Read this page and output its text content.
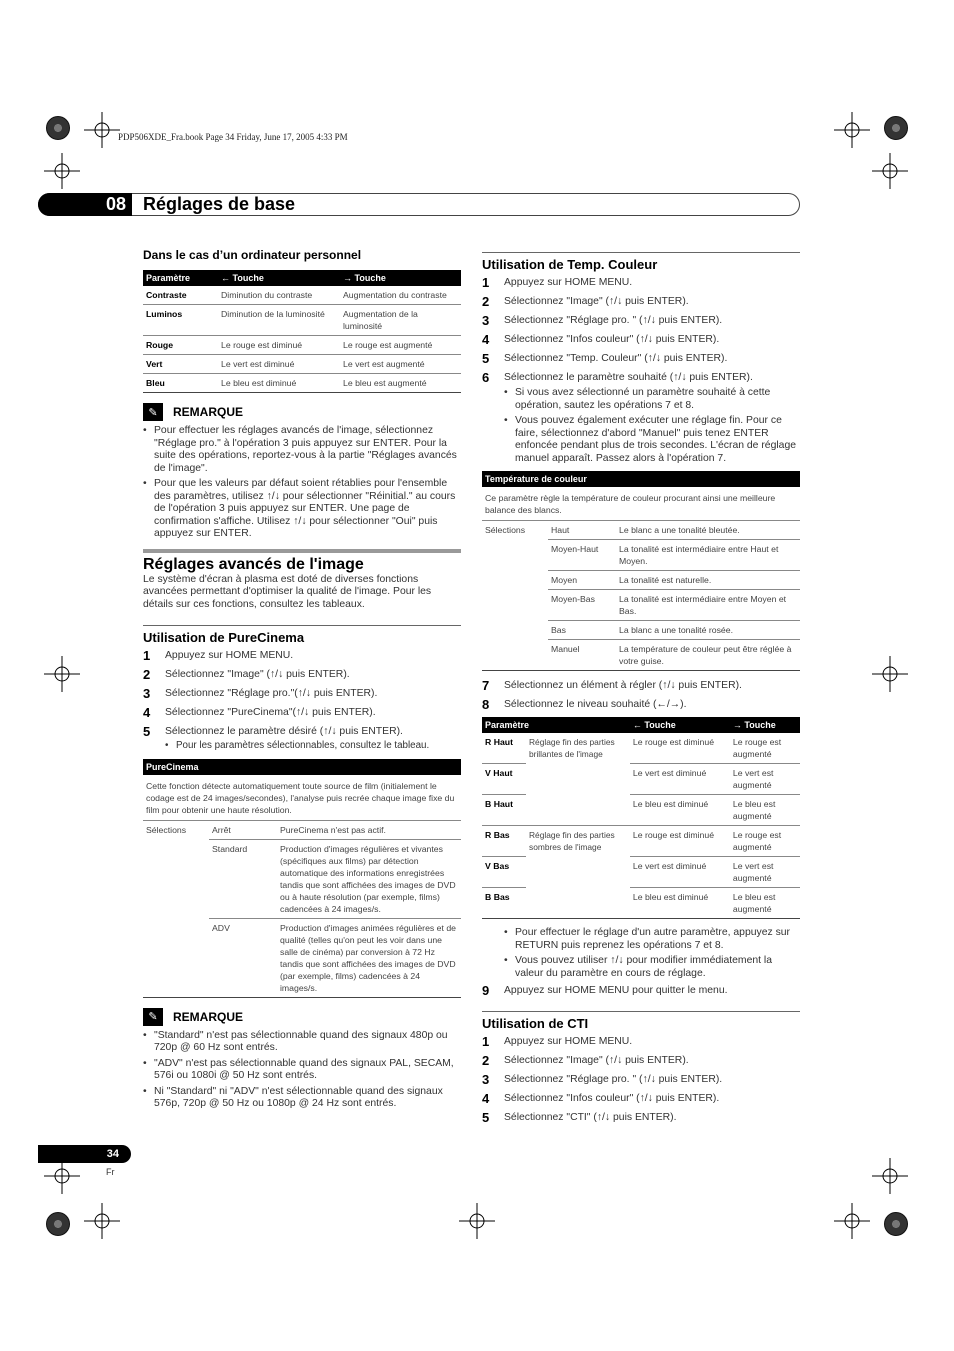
PDP506XDE_Fra.book Page 34 Friday, June 17, 2005 4:33 PM
08 Réglages de base
Dans le cas d’un ordinateur personnel
Paramètre	← Touche	→ Touche
Contraste	Diminution du contraste	Augmentation du contraste
Luminos	Diminution de la luminosité	Augmentation de la luminosité
Rouge	Le rouge est diminué	Le rouge est augmenté
Vert	Le vert est diminué	Le vert est augmenté
Bleu	Le bleu est diminué	Le bleu est augmenté
✎	REMARQUE
• Pour effectuer les réglages avancés de l'image, sélectionnez "Réglage pro." à l'opération 3 puis appuyez sur ENTER. Pour la suite des opérations, reportez-vous à la partie "Réglages avancés de l'image".
• Pour que les valeurs par défaut soient rétablies pour l'ensemble des paramètres, utilisez ↑/↓ pour sélectionner "Réinitial." au cours de l'opération 3 puis appuyez sur ENTER. Une page de confirmation s'affiche. Utilisez ↑/↓ pour sélectionner "Oui" puis appuyez sur ENTER.
Réglages avancés de l'image
Le système d'écran à plasma est doté de diverses fonctions avancées permettant d'optimiser la qualité de l'image. Pour les détails sur ces fonctions, consultez les tableaux.
Utilisation de PureCinema
1	Appuyez sur HOME MENU.
2	Sélectionnez "Image" (↑/↓ puis ENTER).
3	Sélectionnez "Réglage pro."(↑/↓ puis ENTER).
4	Sélectionnez "PureCinema"(↑/↓ puis ENTER).
5	Sélectionnez le paramètre désiré (↑/↓ puis ENTER).
• Pour les paramètres sélectionnables, consultez le tableau.
PureCinema
Cette fonction détecte automatiquement toute source de film (initialement le codage est de 24 images/secondes), l'analyse puis recrée chaque image fixe du film pour obtenir une haute résolution.
Sélections	Arrêt	PureCinema n'est pas actif.
	Standard	Production d'images régulières et vivantes (spécifiques aux films) par détection automatique des informations enregistrées tandis que sont affichées des images de DVD ou à haute résolution (par exemple, films) cadencées à 24 images/s.
	ADV	Production d'images animées régulières et de qualité (telles qu'on peut les voir dans une salle de cinéma) par conversion à 72 Hz tandis que sont affichées des images de DVD (par exemple, films) cadencées à 24 images/s.
✎	REMARQUE
• "Standard" n'est pas sélectionnable quand des signaux 480p ou 720p @ 60 Hz sont entrés.
• "ADV" n'est pas sélectionnable quand des signaux PAL, SECAM, 576i ou 1080i @ 50 Hz sont entrés.
• Ni "Standard" ni "ADV" n'est sélectionnable quand des signaux 576p, 720p @ 50 Hz ou 1080p @ 24 Hz sont entrés.
Utilisation de Temp. Couleur
1	Appuyez sur HOME MENU.
2	Sélectionnez "Image" (↑/↓ puis ENTER).
3	Sélectionnez "Réglage pro. " (↑/↓ puis ENTER).
4	Sélectionnez "Infos couleur" (↑/↓ puis ENTER).
5	Sélectionnez "Temp. Couleur" (↑/↓ puis ENTER).
6	Sélectionnez le paramètre souhaité (↑/↓ puis ENTER).
• Si vous avez sélectionné un paramètre souhaité à cette opération, sautez les opérations 7 et 8.
• Vous pouvez également exécuter une réglage fin. Pour ce faire, sélectionnez d'abord "Manuel" puis tenez ENTER enfoncée pendant plus de trois secondes. L'écran de réglage manuel apparaît. Passez alors à l'opération 7.
Température de couleur
Ce paramètre règle la température de couleur procurant ainsi une meilleure balance des blancs.
Sélections	Haut	Le blanc a une tonalité bleutée.
	Moyen-Haut	La tonalité est intermédiaire entre Haut et Moyen.
	Moyen	La tonalité est naturelle.
	Moyen-Bas	La tonalité est intermédiaire entre Moyen et Bas.
	Bas	La blanc a une tonalité rosée.
	Manuel	La température de couleur peut être réglée à votre guise.
7	Sélectionnez un élément à régler (↑/↓ puis ENTER).
8	Sélectionnez le niveau souhaité (←/→).
Paramètre		← Touche	→ Touche
R Haut	Réglage fin des parties brillantes de l'image	Le rouge est diminué	Le rouge est augmenté
V Haut		Le vert est diminué	Le vert est augmenté
B Haut		Le bleu est diminué	Le bleu est augmenté
R Bas	Réglage fin des parties sombres de l'image	Le rouge est diminué	Le rouge est augmenté
V Bas		Le vert est diminué	Le vert est augmenté
B Bas		Le bleu est diminué	Le bleu est augmenté
• Pour effectuer le réglage d'un autre paramètre, appuyez sur RETURN puis reprenez les opérations 7 et 8.
• Vous pouvez utiliser ↑/↓ pour modifier immédiatement la valeur du paramètre en cours de réglage.
9	Appuyez sur HOME MENU pour quitter le menu.
Utilisation de CTI
1	Appuyez sur HOME MENU.
2	Sélectionnez "Image" (↑/↓ puis ENTER).
3	Sélectionnez "Réglage pro. " (↑/↓ puis ENTER).
4	Sélectionnez "Infos couleur" (↑/↓ puis ENTER).
5	Sélectionnez "CTI" (↑/↓ puis ENTER).
34
Fr
